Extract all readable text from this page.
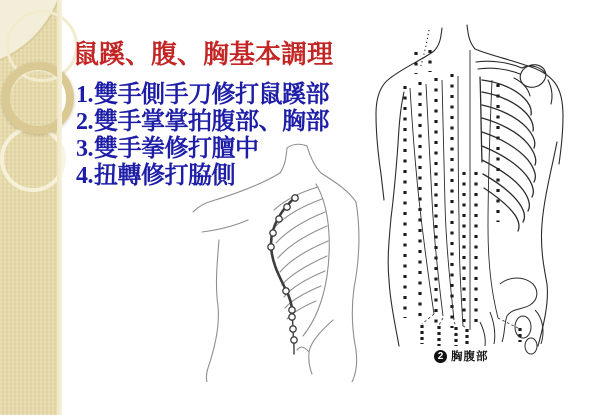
鼠蹊、腹、胸基本調理
1.雙手側手刀修打鼠蹊部
2.雙手掌掌拍腹部、胸部
3.雙手拳修打膻中
4.扭轉修打脇側
2 胸腹部
